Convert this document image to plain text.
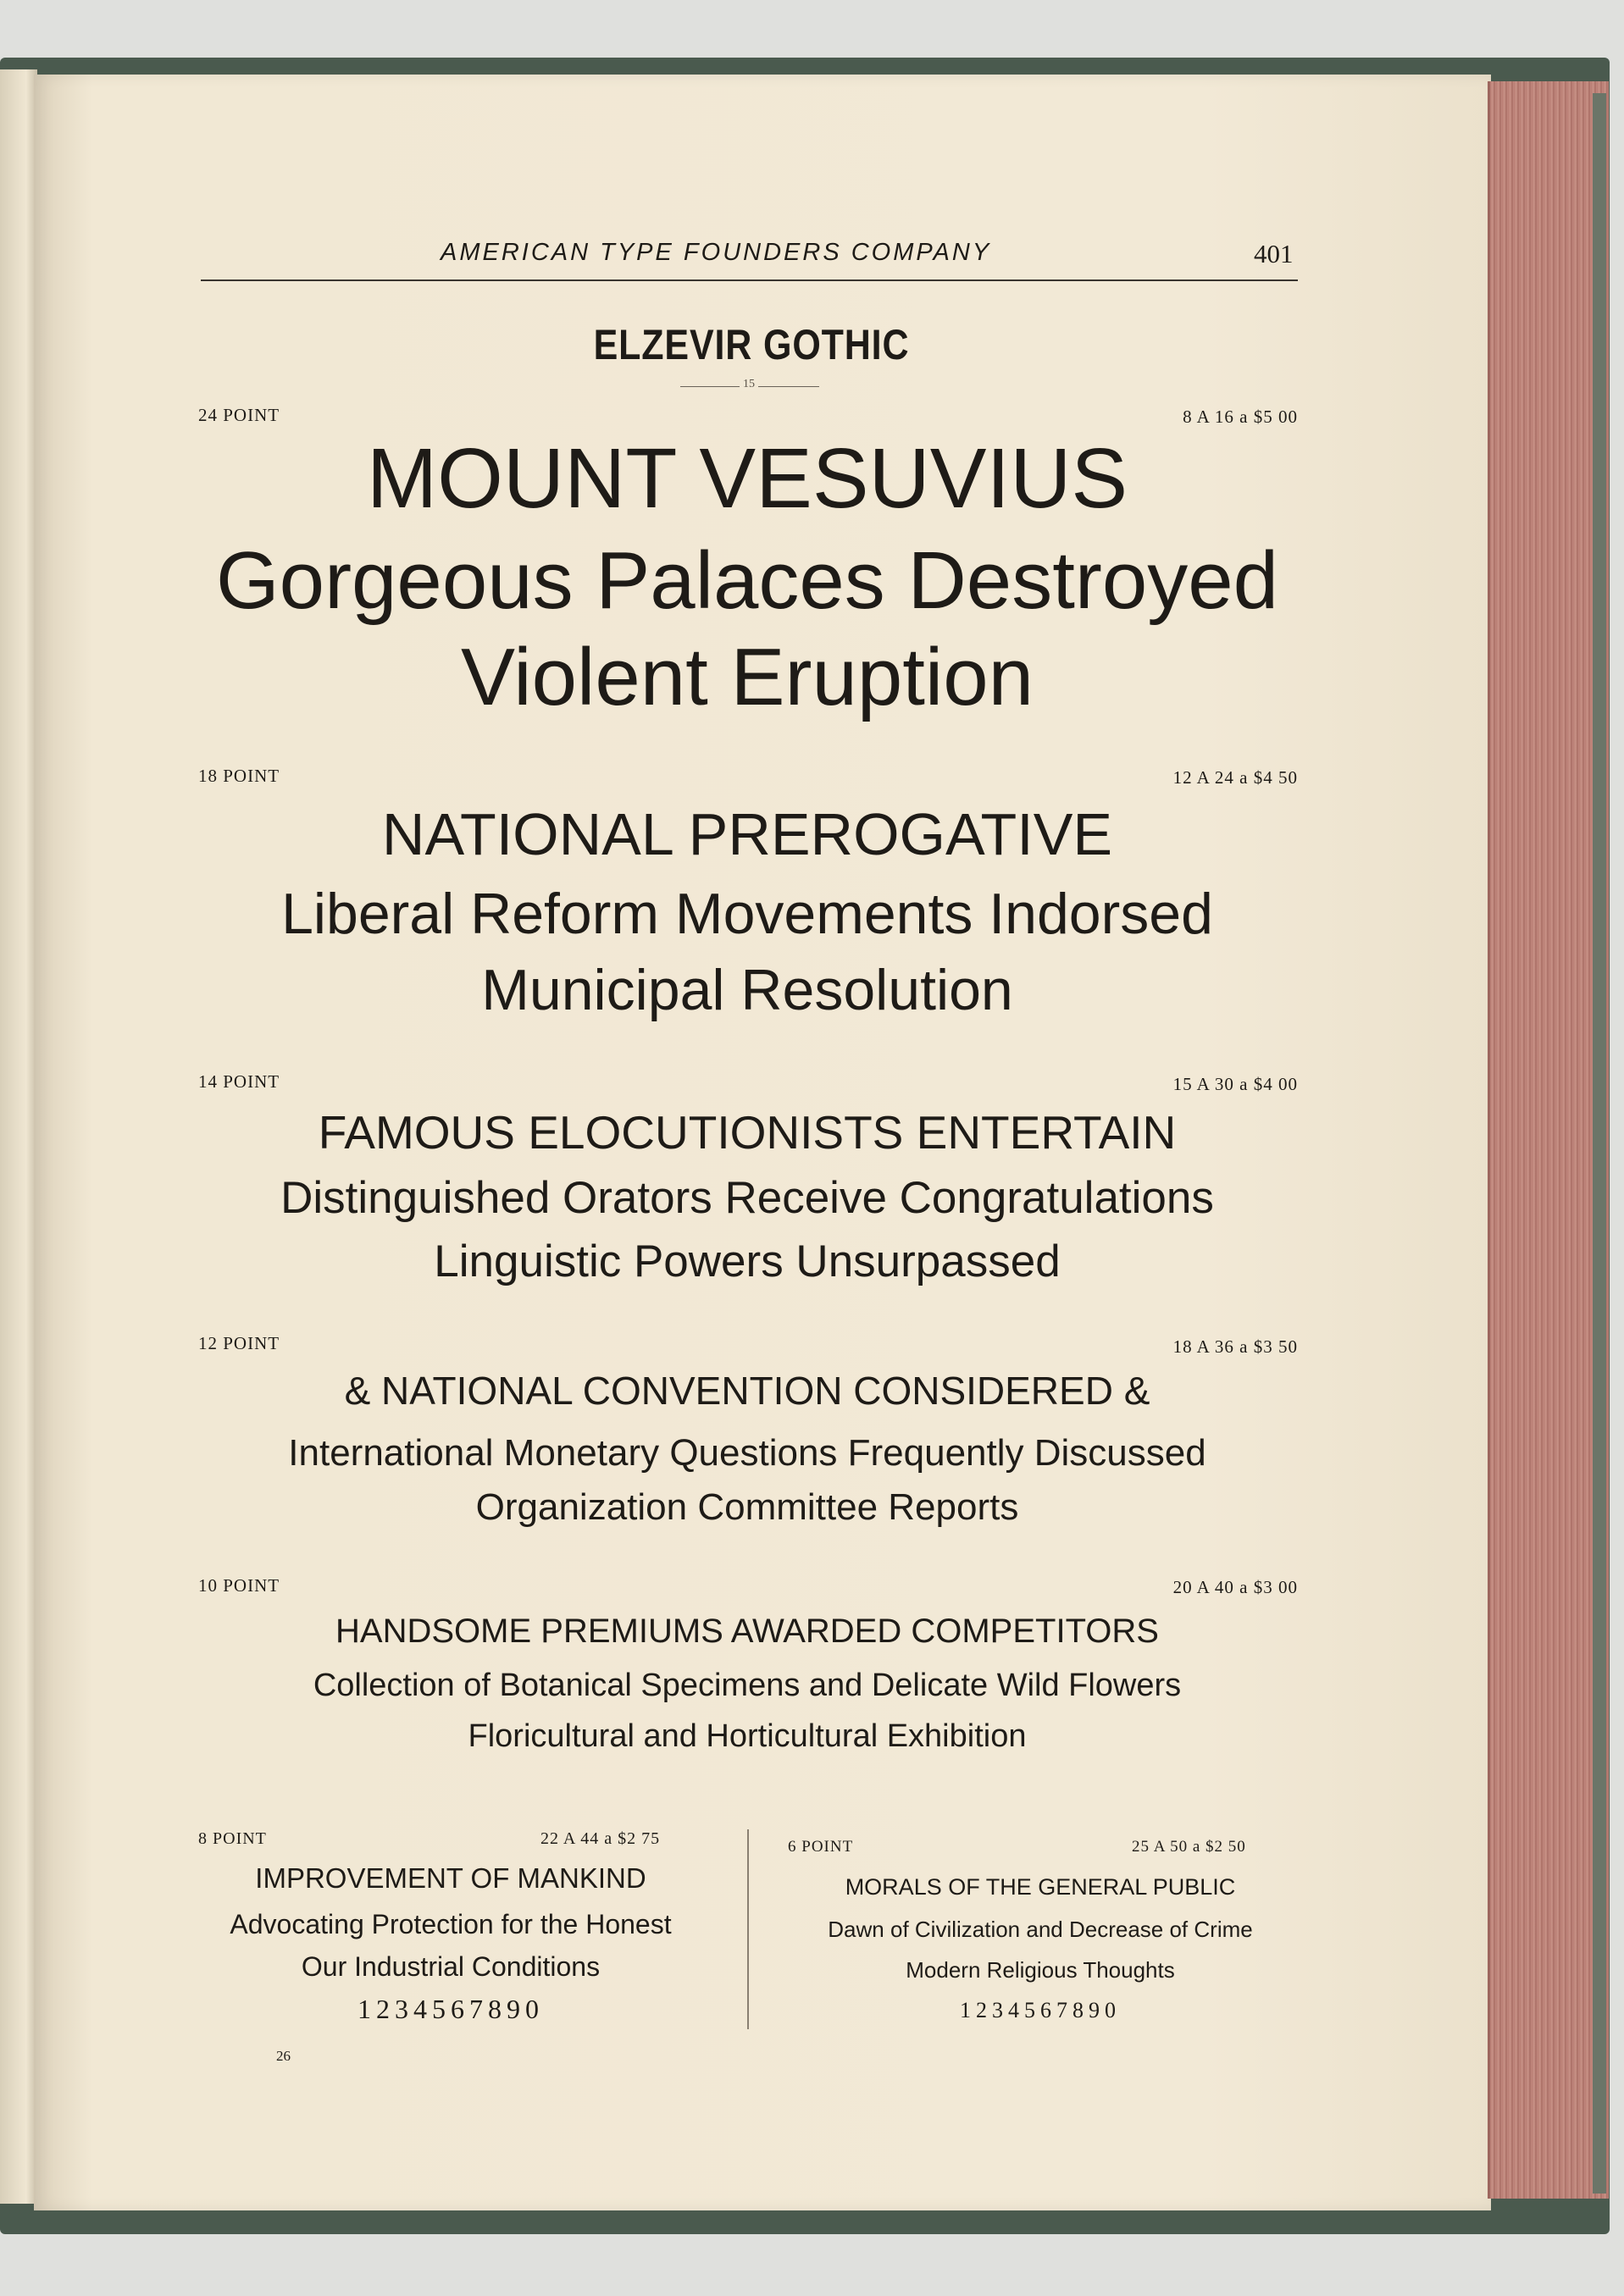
AMERICAN TYPE FOUNDERS COMPANY	401
ELZEVIR GOTHIC
15
24 POINT	8 A 16 a $5 00
MOUNT VESUVIUS
Gorgeous Palaces Destroyed
Violent Eruption
18 POINT	12 A 24 a $4 50
NATIONAL PREROGATIVE
Liberal Reform Movements Indorsed
Municipal Resolution
14 POINT	15 A 30 a $4 00
FAMOUS ELOCUTIONISTS ENTERTAIN
Distinguished Orators Receive Congratulations
Linguistic Powers Unsurpassed
12 POINT	18 A 36 a $3 50
& NATIONAL CONVENTION CONSIDERED &
International Monetary Questions Frequently Discussed
Organization Committee Reports
10 POINT	20 A 40 a $3 00
HANDSOME PREMIUMS AWARDED COMPETITORS
Collection of Botanical Specimens and Delicate Wild Flowers
Floricultural and Horticultural Exhibition
8 POINT	22 A 44 a $2 75
IMPROVEMENT OF MANKIND
Advocating Protection for the Honest
Our Industrial Conditions
1234567890
6 POINT	25 A 50 a $2 50
MORALS OF THE GENERAL PUBLIC
Dawn of Civilization and Decrease of Crime
Modern Religious Thoughts
1234567890
26
